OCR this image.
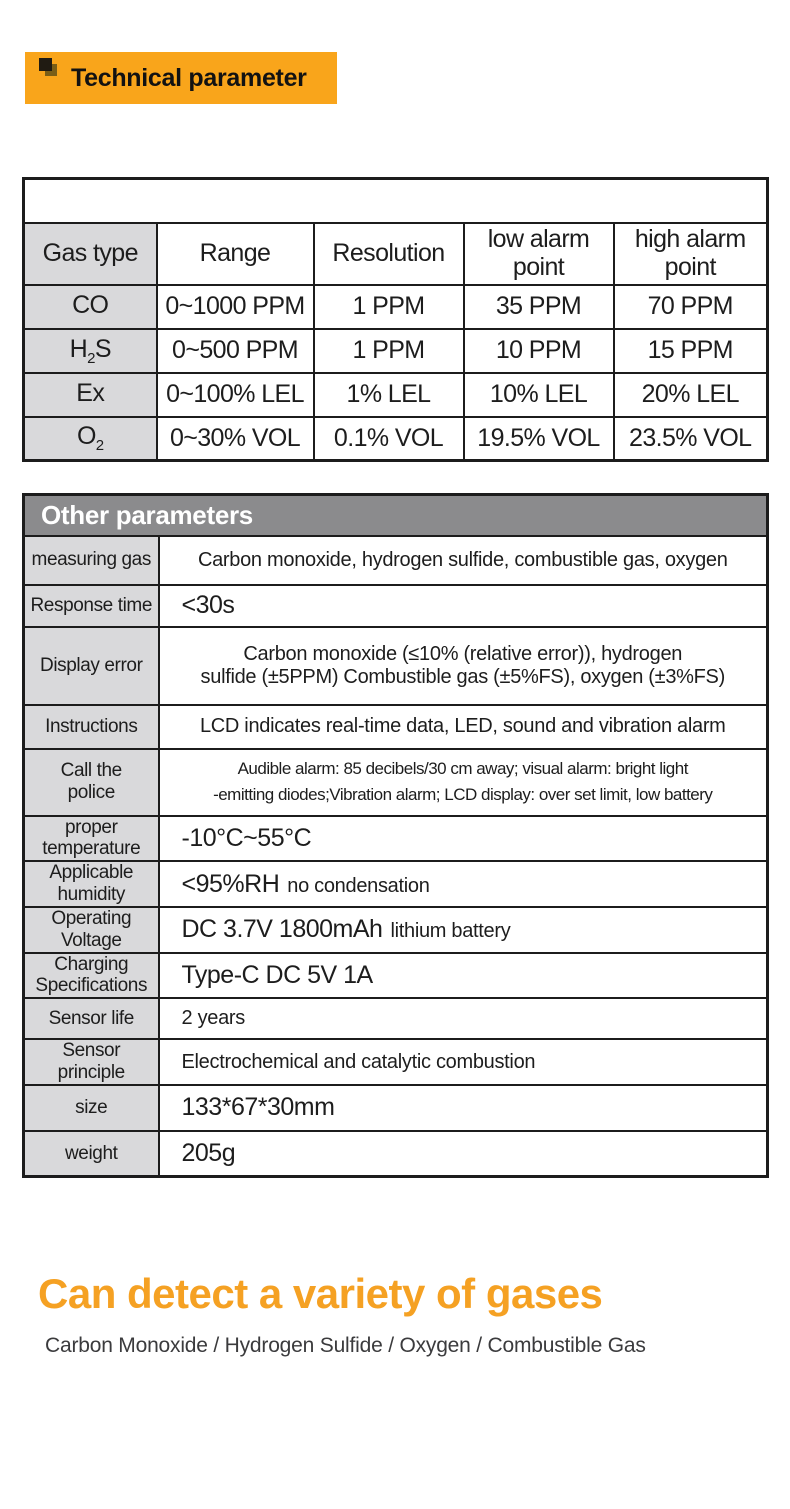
Technical parameter
Common gas detection range				
Gas type	Range	Resolution	low alarm point	high alarm point
CO	0~1000 PPM	1 PPM	35 PPM	70 PPM
$H_2S$	0~500 PPM	1 PPM	10 PPM	15 PPM
Ex	0~100% LEL	1% LEL	10% LEL	20% LEL
$O_2$	0~30% VOL	0.1% VOL	19.5% VOL	23.5% VOL
Other parameters	
measuring gas	Carbon monoxide, hydrogen sulfide, combustible gas, oxygen
Response time	<30s
Display error	Carbon monoxide (≤10% (relative error)), hydrogen
sulfide (±5PPM) Combustible gas (±5%FS), oxygen (±3%FS)

Instructions	LCD indicates real-time data, LED, sound and vibration alarm
Call the police	Audible alarm: 85 decibels/30 cm away; visual alarm: bright light
-emitting diodes;Vibration alarm; LCD display: over set limit, low battery

proper temperature	-10°C~55°C
Applicable humidity	<95%RH no condensation
Operating Voltage	DC 3.7V 1800mAh lithium battery
Charging Specifications	Type-C DC 5V 1A
Sensor life	2 years
Sensor principle	Electrochemical and catalytic combustion
size	133*67*30mm
weight	205g
Can detect a variety of gases
Carbon Monoxide / Hydrogen Sulfide / Oxygen / Combustible Gas
